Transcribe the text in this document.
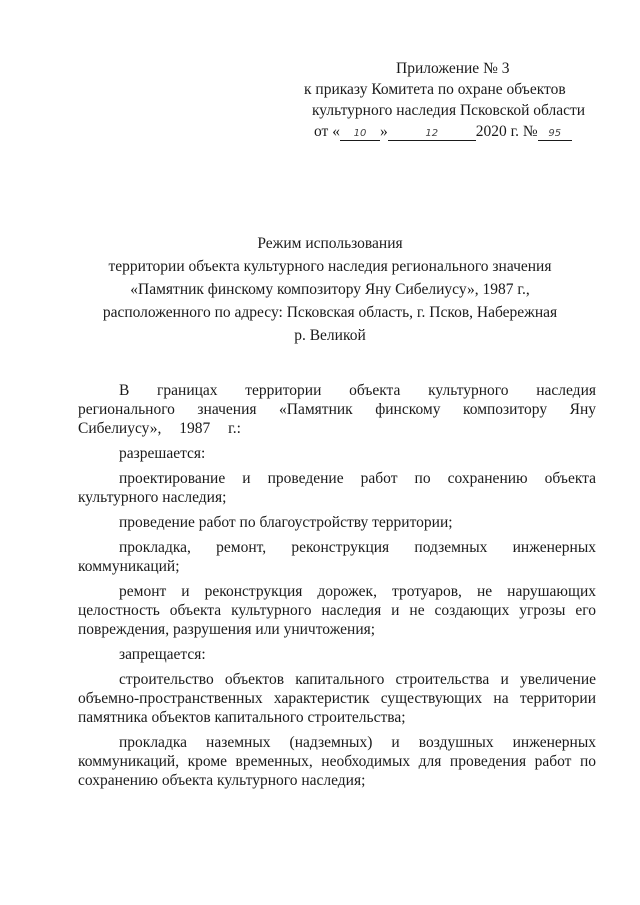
Приложение № 3
к приказу Комитета по охране объектов
культурного наследия Псковской области
от « 10 »	12 2020 г. № 95
Режим использования
территории объекта культурного наследия регионального значения
«Памятник финскому композитору Яну Сибелиусу», 1987 г.,
расположенного по адресу: Псковская область, г. Псков, Набережная
р. Великой

В границах территории объекта культурного наследия регионального значения «Памятник финскому композитору Яну Сибелиусу», 1987 г.:

разрешается:

проектирование и проведение работ по сохранению объекта культурного наследия;

проведение работ по благоустройству территории;

прокладка, ремонт, реконструкция подземных инженерных коммуникаций;

ремонт и реконструкция дорожек, тротуаров, не нарушающих целостность объекта культурного наследия и не создающих угрозы его повреждения, разрушения или уничтожения;

запрещается:

строительство объектов капитального строительства и увеличение объемно-пространственных характеристик существующих на территории памятника объектов капитального строительства;

прокладка наземных (надземных) и воздушных инженерных коммуникаций, кроме временных, необходимых для проведения работ по сохранению объекта культурного наследия;
